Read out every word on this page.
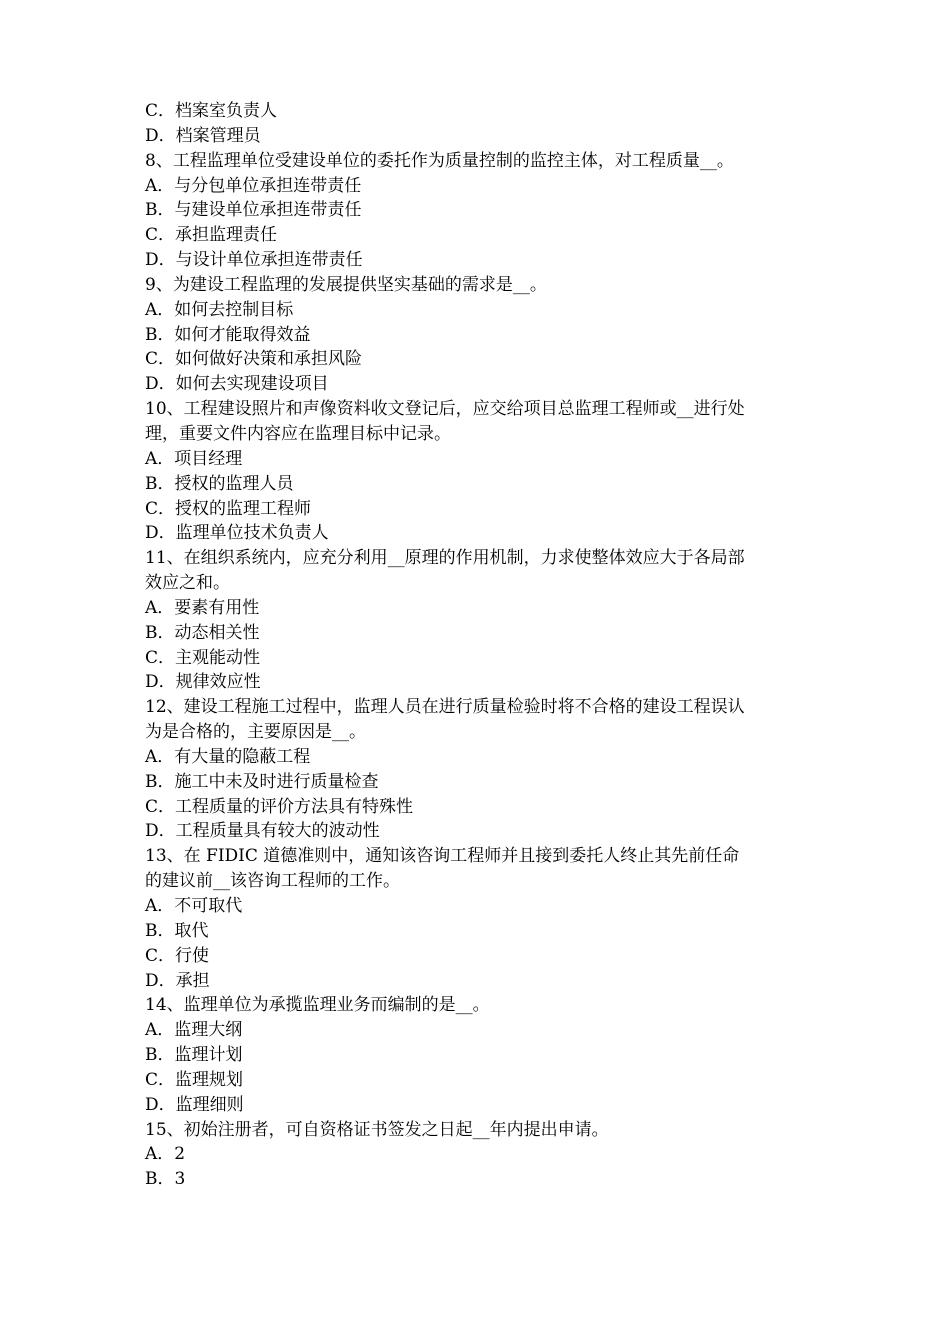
C．档案室负责人
D．档案管理员
8、工程监理单位受建设单位的委托作为质量控制的监控主体，对工程质量__。
A．与分包单位承担连带责任
B．与建设单位承担连带责任
C．承担监理责任
D．与设计单位承担连带责任
9、为建设工程监理的发展提供坚实基础的需求是__。
A．如何去控制目标
B．如何才能取得效益
C．如何做好决策和承担风险
D．如何去实现建设项目
10、工程建设照片和声像资料收文登记后，应交给项目总监理工程师或__进行处
理，重要文件内容应在监理目标中记录。
A．项目经理
B．授权的监理人员
C．授权的监理工程师
D．监理单位技术负责人
11、在组织系统内，应充分利用__原理的作用机制，力求使整体效应大于各局部
效应之和。
A．要素有用性
B．动态相关性
C．主观能动性
D．规律效应性
12、建设工程施工过程中，监理人员在进行质量检验时将不合格的建设工程误认
为是合格的，主要原因是__。
A．有大量的隐蔽工程
B．施工中未及时进行质量检查
C．工程质量的评价方法具有特殊性
D．工程质量具有较大的波动性
13、在 FIDIC 道德准则中，通知该咨询工程师并且接到委托人终止其先前任命
的建议前__该咨询工程师的工作。
A．不可取代
B．取代
C．行使
D．承担
14、监理单位为承揽监理业务而编制的是__。
A．监理大纲
B．监理计划
C．监理规划
D．监理细则
15、初始注册者，可自资格证书签发之日起__年内提出申请。
A．2
B．3
